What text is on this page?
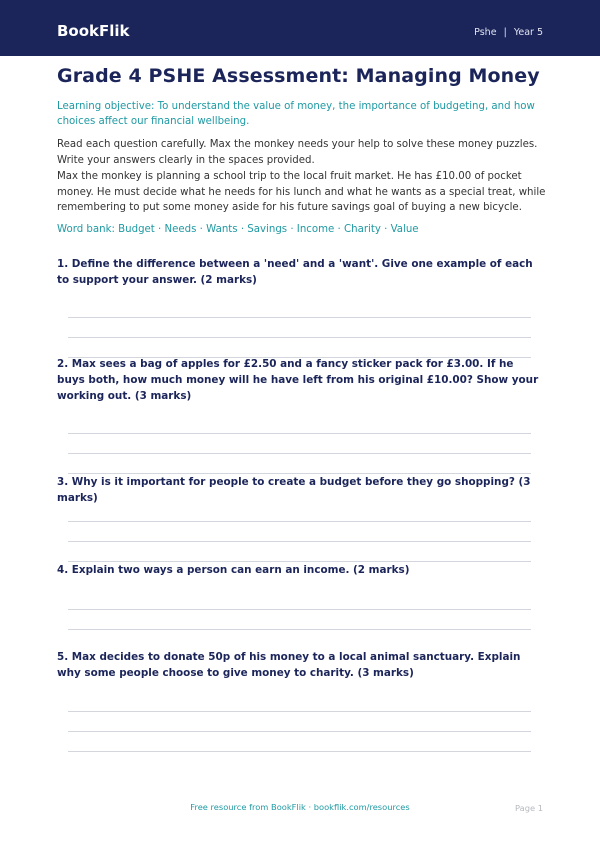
BookFlik	Pshe | Year 5
Grade 4 PSHE Assessment: Managing Money
Learning objective: To understand the value of money, the importance of budgeting, and how choices affect our financial wellbeing.
Read each question carefully. Max the monkey needs your help to solve these money puzzles. Write your answers clearly in the spaces provided.
Max the monkey is planning a school trip to the local fruit market. He has £10.00 of pocket money. He must decide what he needs for his lunch and what he wants as a special treat, while remembering to put some money aside for his future savings goal of buying a new bicycle.
Word bank: Budget · Needs · Wants · Savings · Income · Charity · Value
1. Define the difference between a 'need' and a 'want'. Give one example of each to support your answer. (2 marks)
2. Max sees a bag of apples for £2.50 and a fancy sticker pack for £3.00. If he buys both, how much money will he have left from his original £10.00? Show your working out. (3 marks)
3. Why is it important for people to create a budget before they go shopping? (3 marks)
4. Explain two ways a person can earn an income. (2 marks)
5. Max decides to donate 50p of his money to a local animal sanctuary. Explain why some people choose to give money to charity. (3 marks)
Free resource from BookFlik · bookflik.com/resources	Page 1
